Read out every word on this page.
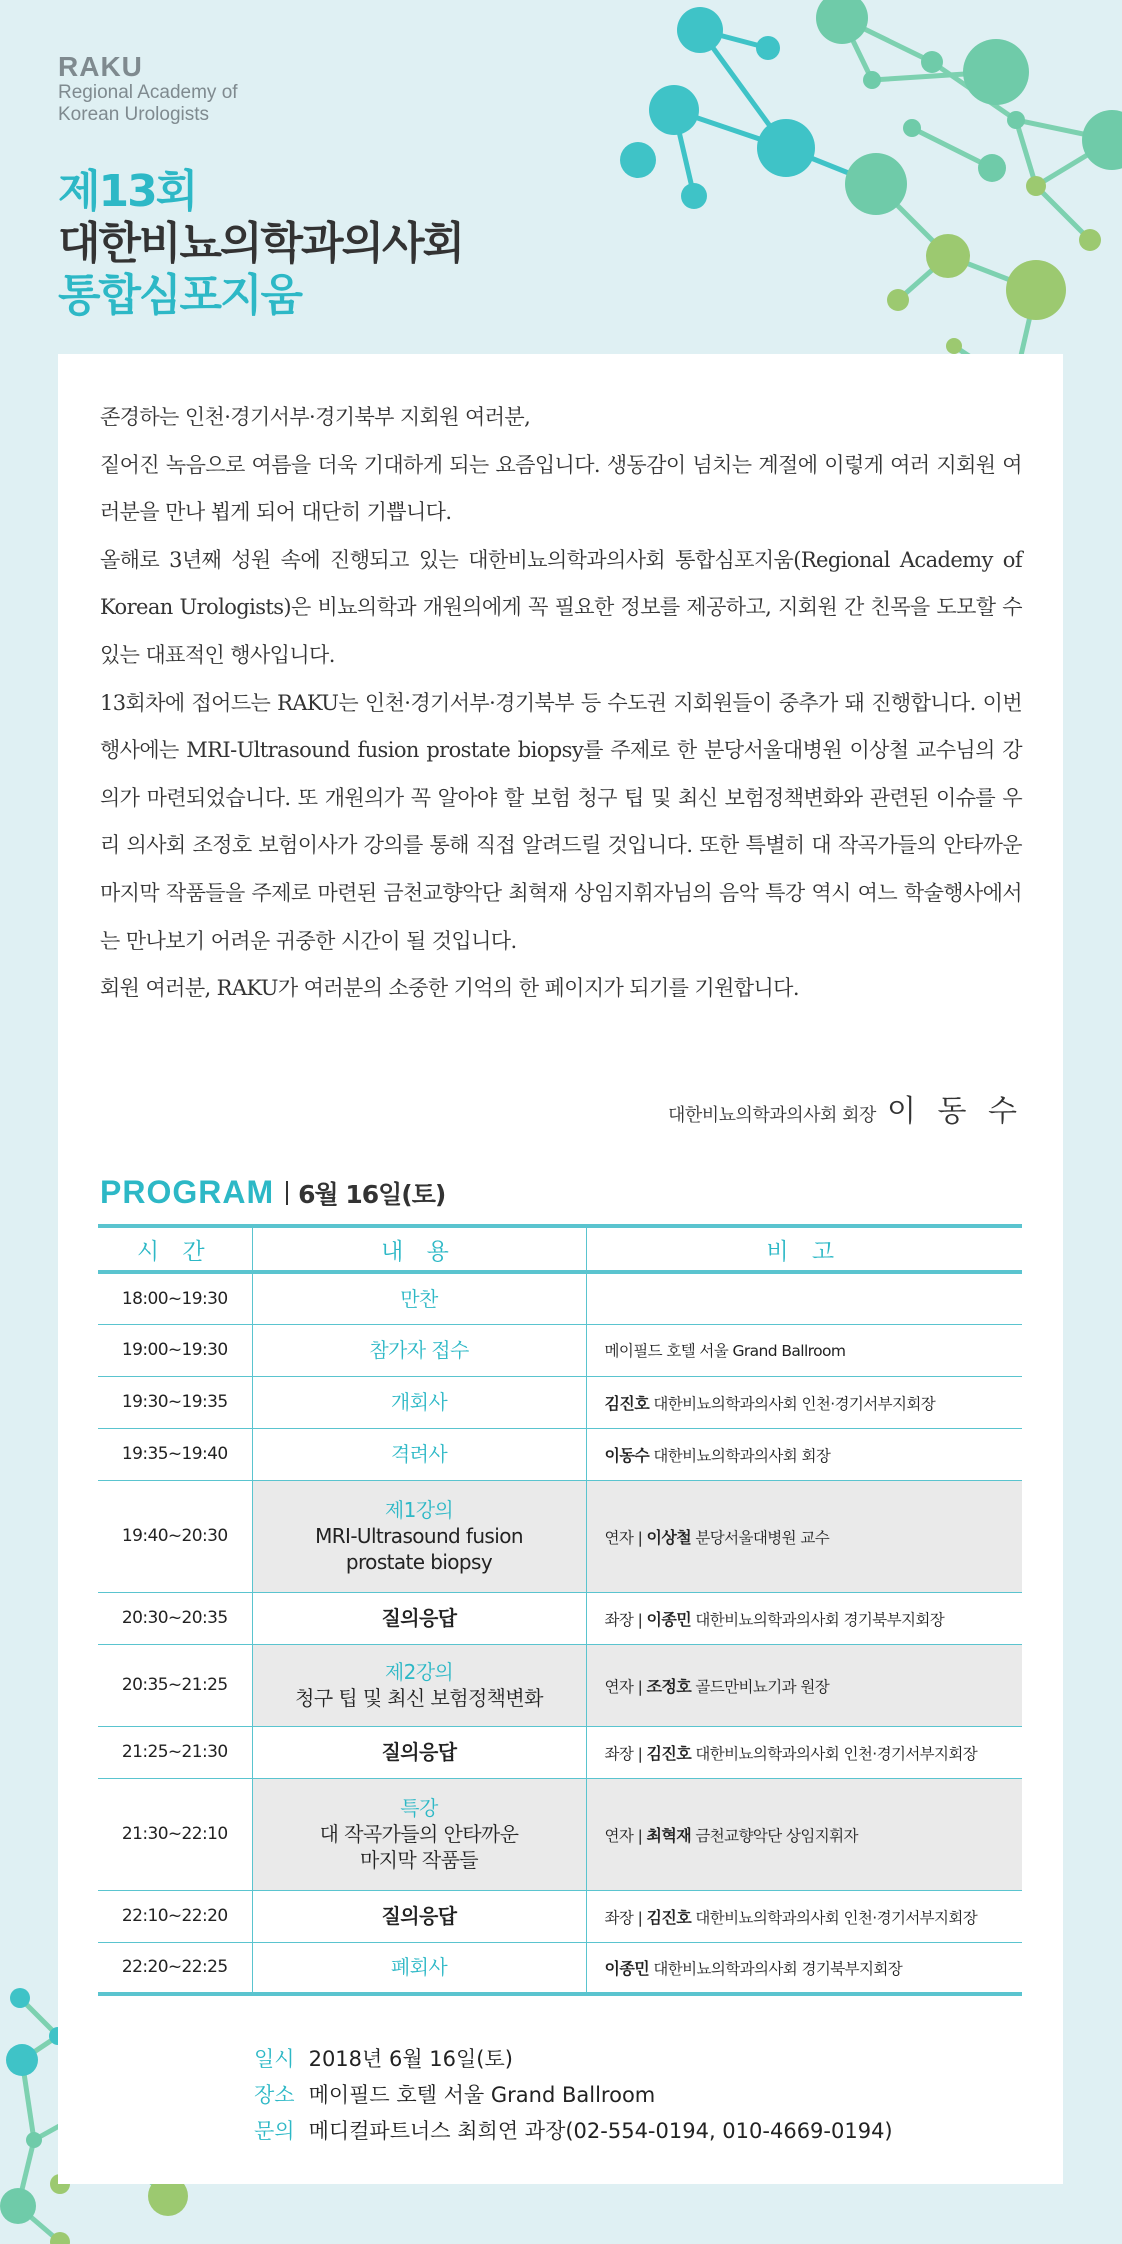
RAKU
Regional Academy of
Korean Urologists
제13회
대한비뇨의학과의사회
통합심포지움

존경하는 인천·경기서부·경기북부 지회원 여러분,

짙어진 녹음으로 여름을 더욱 기대하게 되는 요즘입니다. 생동감이 넘치는 계절에 이렇게 여러 지회원 여러분을 만나 뵙게 되어 대단히 기쁩니다.

올해로 3년째 성원 속에 진행되고 있는 대한비뇨의학과의사회 통합심포지움(Regional Academy of Korean Urologists)은 비뇨의학과 개원의에게 꼭 필요한 정보를 제공하고, 지회원 간 친목을 도모할 수 있는 대표적인 행사입니다.

13회차에 접어드는 RAKU는 인천·경기서부·경기북부 등 수도권 지회원들이 중추가 돼 진행합니다. 이번 행사에는 MRI-Ultrasound fusion prostate biopsy를 주제로 한 분당서울대병원 이상철 교수님의 강의가 마련되었습니다. 또 개원의가 꼭 알아야 할 보험 청구 팁 및 최신 보험정책변화와 관련된 이슈를 우리 의사회 조정호 보험이사가 강의를 통해 직접 알려드릴 것입니다. 또한 특별히 대 작곡가들의 안타까운 마지막 작품들을 주제로 마련된 금천교향악단 최혁재 상임지휘자님의 음악 특강 역시 여느 학술행사에서는 만나보기 어려운 귀중한 시간이 될 것입니다.

회원 여러분, RAKU가 여러분의 소중한 기억의 한 페이지가 되기를 기원합니다.

대한비뇨의학과의사회 회장 이 동 수
PROGRAM 6월 16일(토)
시 간	내 용	비 고
18:00~19:30	만찬	

19:00~19:30	참가자 접수	메이필드 호텔 서울 Grand Ballroom
19:30~19:35	개회사	김진호 대한비뇨의학과의사회 인천·경기서부지회장
19:35~19:40	격려사	이동수 대한비뇨의학과의사회 회장
19:40~20:30	제1강의
MRI-Ultrasound fusion
prostate biopsy	연자 | 이상철 분당서울대병원 교수
20:30~20:35	질의응답	좌장 | 이종민 대한비뇨의학과의사회 경기북부지회장
20:35~21:25	제2강의
청구 팁 및 최신 보험정책변화	연자 | 조정호 골드만비뇨기과 원장
21:25~21:30	질의응답	좌장 | 김진호 대한비뇨의학과의사회 인천·경기서부지회장
21:30~22:10	특강
대 작곡가들의 안타까운
마지막 작품들	연자 | 최혁재 금천교향악단 상임지휘자
22:10~22:20	질의응답	좌장 | 김진호 대한비뇨의학과의사회 인천·경기서부지회장
22:20~22:25	폐회사	이종민 대한비뇨의학과의사회 경기북부지회장
일시 2018년 6월 16일(토)
장소 메이필드 호텔 서울 Grand Ballroom
문의 메디컬파트너스 최희연 과장(02-554-0194, 010-4669-0194)
